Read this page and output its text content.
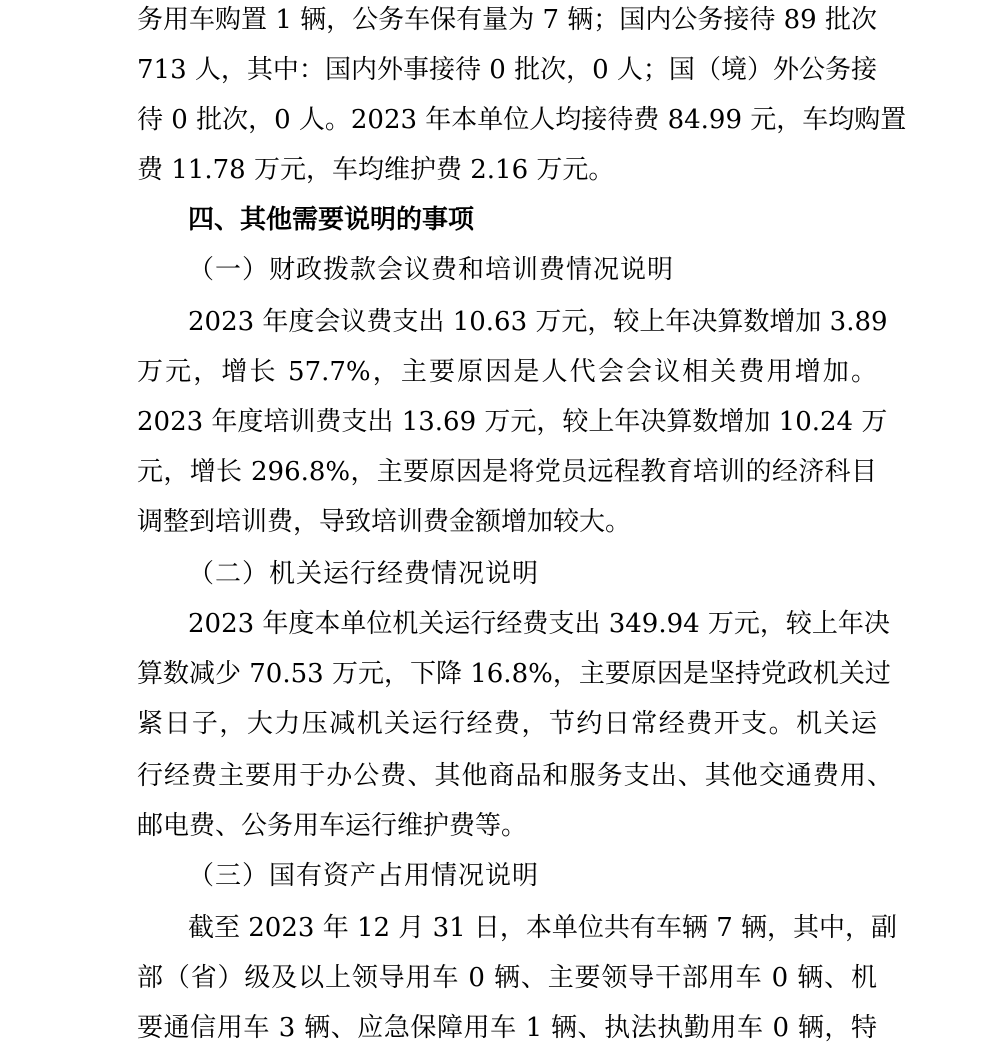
务用车购置 1 辆，公务车保有量为 7 辆；国内公务接待 89 批次
713 人，其中：国内外事接待 0 批次，0 人；国（境）外公务接
待 0 批次，0 人。2023 年本单位人均接待费 84.99 元，车均购置
费 11.78 万元，车均维护费 2.16 万元。
四、其他需要说明的事项
（一）财政拨款会议费和培训费情况说明
2023 年度会议费支出 10.63 万元，较上年决算数增加 3.89
万元，增长 57.7%，主要原因是人代会会议相关费用增加。
2023 年度培训费支出 13.69 万元，较上年决算数增加 10.24 万
元，增长 296.8%，主要原因是将党员远程教育培训的经济科目
调整到培训费，导致培训费金额增加较大。
（二）机关运行经费情况说明
2023 年度本单位机关运行经费支出 349.94 万元，较上年决
算数减少 70.53 万元，下降 16.8%，主要原因是坚持党政机关过
紧日子，大力压减机关运行经费，节约日常经费开支。机关运
行经费主要用于办公费、其他商品和服务支出、其他交通费用、
邮电费、公务用车运行维护费等。
（三）国有资产占用情况说明
截至 2023 年 12 月 31 日，本单位共有车辆 7 辆，其中，副
部（省）级及以上领导用车 0 辆、主要领导干部用车 0 辆、机
要通信用车 3 辆、应急保障用车 1 辆、执法执勤用车 0 辆，特
